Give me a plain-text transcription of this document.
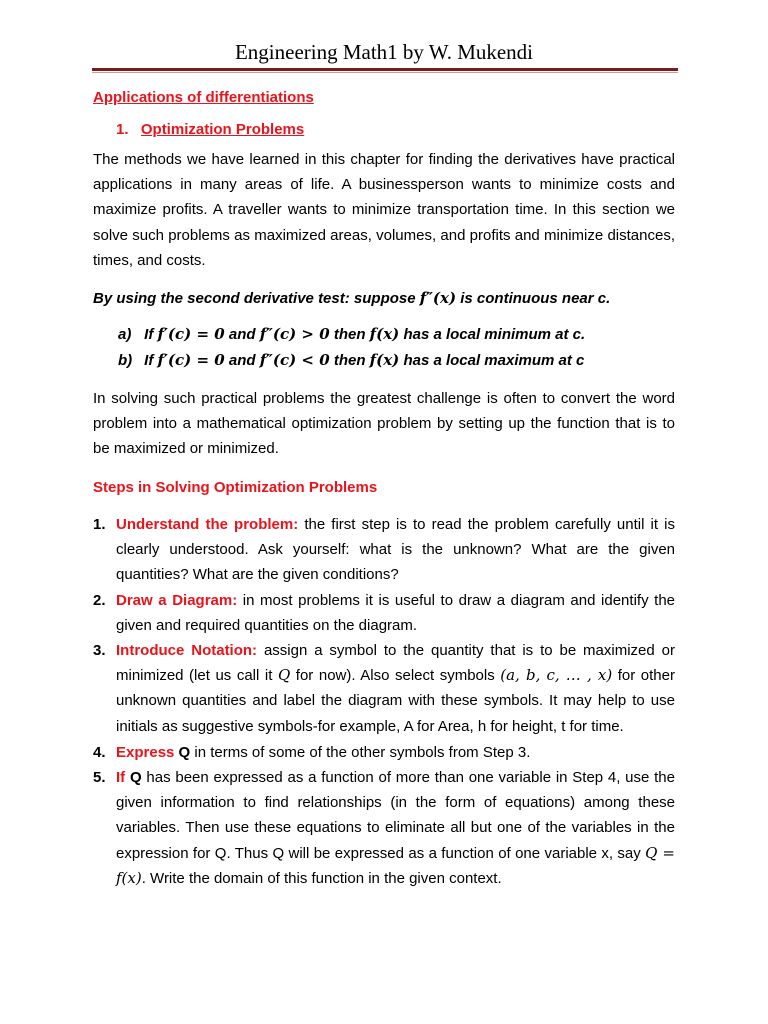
Engineering Math1 by W. Mukendi
Applications of differentiations
1. Optimization Problems
The methods we have learned in this chapter for finding the derivatives have practical applications in many areas of life. A businessperson wants to minimize costs and maximize profits. A traveller wants to minimize transportation time. In this section we solve such problems as maximized areas, volumes, and profits and minimize distances, times, and costs.
By using the second derivative test: suppose f″(x) is continuous near c.
a) If f′(c) = 0 and f″(c) > 0 then f(x) has a local minimum at c.
b) If f′(c) = 0 and f″(c) < 0 then f(x) has a local maximum at c
In solving such practical problems the greatest challenge is often to convert the word problem into a mathematical optimization problem by setting up the function that is to be maximized or minimized.
Steps in Solving Optimization Problems
1. Understand the problem: the first step is to read the problem carefully until it is clearly understood. Ask yourself: what is the unknown? What are the given quantities? What are the given conditions?
2. Draw a Diagram: in most problems it is useful to draw a diagram and identify the given and required quantities on the diagram.
3. Introduce Notation: assign a symbol to the quantity that is to be maximized or minimized (let us call it Q for now). Also select symbols (a, b, c, … , x) for other unknown quantities and label the diagram with these symbols. It may help to use initials as suggestive symbols-for example, A for Area, h for height, t for time.
4. Express Q in terms of some of the other symbols from Step 3.
5. If Q has been expressed as a function of more than one variable in Step 4, use the given information to find relationships (in the form of equations) among these variables. Then use these equations to eliminate all but one of the variables in the expression for Q. Thus Q will be expressed as a function of one variable x, say Q = f(x). Write the domain of this function in the given context.
